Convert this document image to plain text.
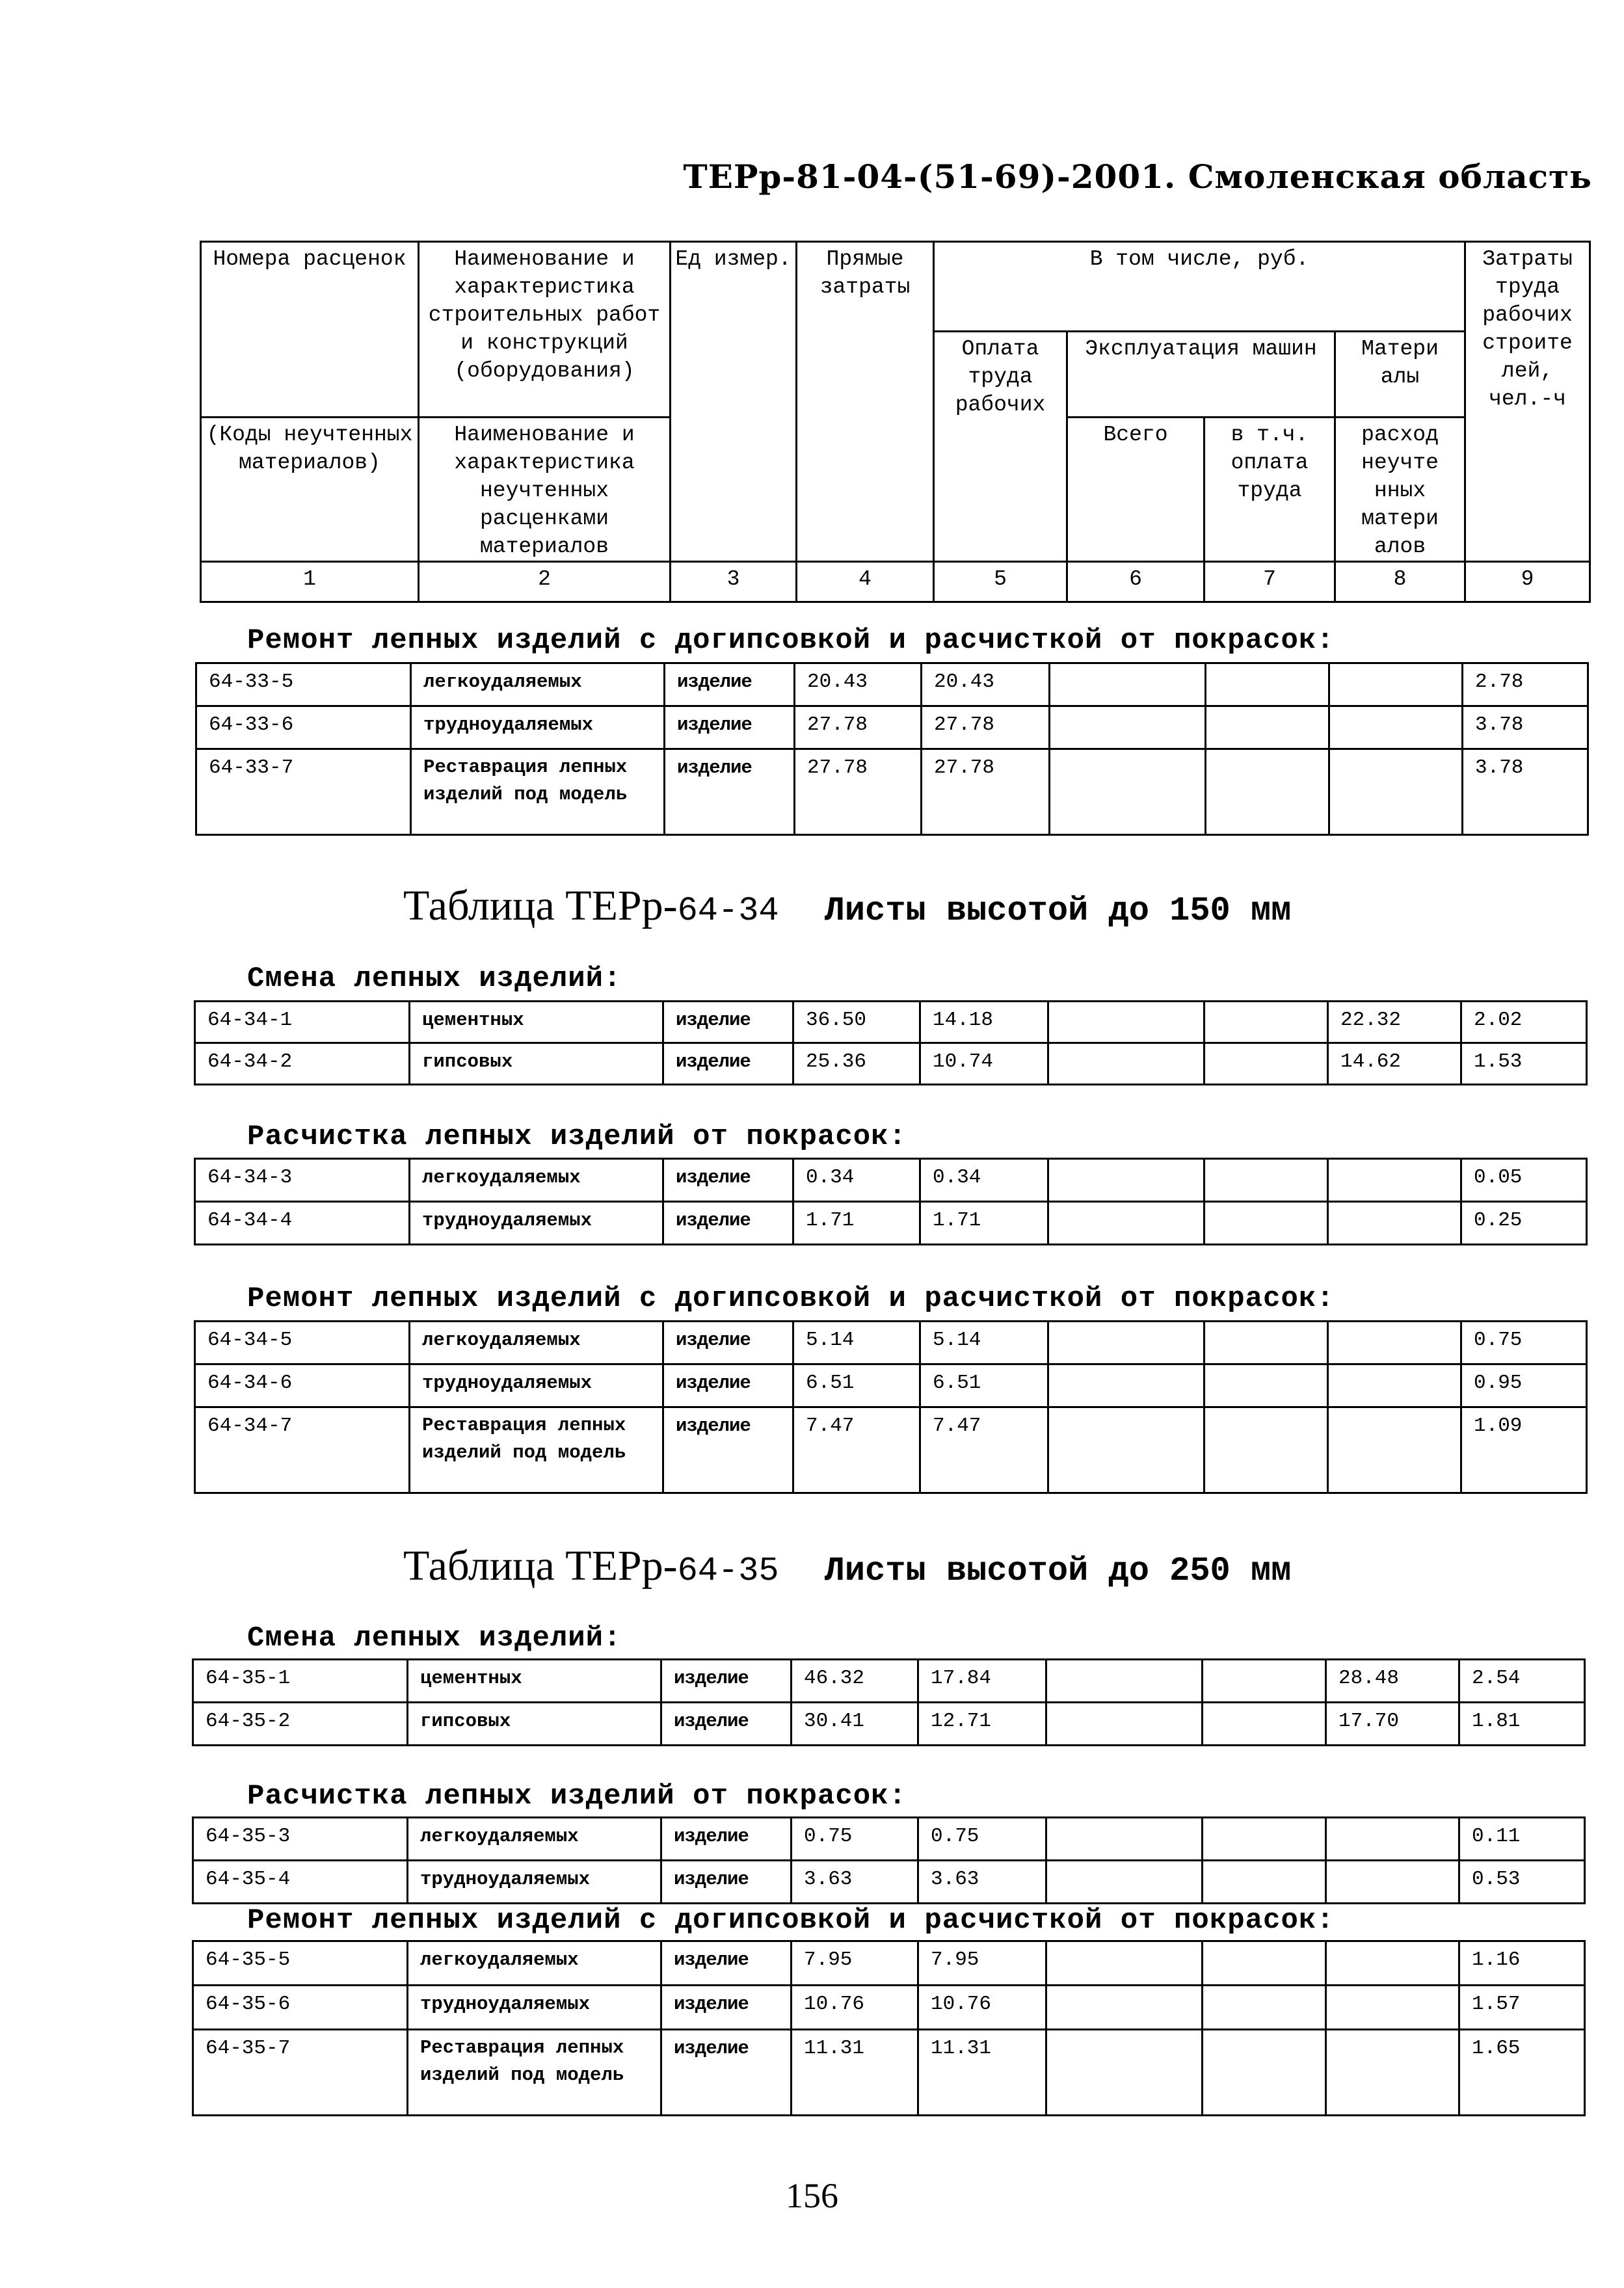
ТЕРр-81-04-(51-69)-2001. Смоленская область
Номера расценок	Наименование и характеристика строительных работ и конструкций (оборудования)	Ед измер.	Прямые затраты	В том числе, руб.				Затраты труда рабочих строите лей, чел.-ч
				Оплата труда рабочих	Эксплуатация машин		Матери алы	
(Коды неучтенных материалов)	Наименование и характеристика неучтенных расценками материалов				Всего	в т.ч. оплата труда	расход неучте нных матери алов	
1	2	3	4	5	6	7	8	9
Ремонт лепных изделий с догипсовкой и расчисткой от покрасок:
64-33-5	легкоудаляемых	изделие	20.43	20.43				2.78
64-33-6	трудноудаляемых	изделие	27.78	27.78				3.78
64-33-7	Реставрация лепных изделий под модель	изделие	27.78	27.78				3.78
Таблица ТЕРр-64-34 Листы высотой до 150 мм
Смена лепных изделий:
64-34-1	цементных	изделие	36.50	14.18			22.32	2.02
64-34-2	гипсовых	изделие	25.36	10.74			14.62	1.53
Расчистка лепных изделий от покрасок:
64-34-3	легкоудаляемых	изделие	0.34	0.34				0.05
64-34-4	трудноудаляемых	изделие	1.71	1.71				0.25
Ремонт лепных изделий с догипсовкой и расчисткой от покрасок:
64-34-5	легкоудаляемых	изделие	5.14	5.14				0.75
64-34-6	трудноудаляемых	изделие	6.51	6.51				0.95
64-34-7	Реставрация лепных изделий под модель	изделие	7.47	7.47				1.09
Таблица ТЕРр-64-35 Листы высотой до 250 мм
Смена лепных изделий:
64-35-1	цементных	изделие	46.32	17.84			28.48	2.54
64-35-2	гипсовых	изделие	30.41	12.71			17.70	1.81
Расчистка лепных изделий от покрасок:
64-35-3	легкоудаляемых	изделие	0.75	0.75				0.11
64-35-4	трудноудаляемых	изделие	3.63	3.63				0.53
Ремонт лепных изделий с догипсовкой и расчисткой от покрасок:
64-35-5	легкоудаляемых	изделие	7.95	7.95				1.16
64-35-6	трудноудаляемых	изделие	10.76	10.76				1.57
64-35-7	Реставрация лепных изделий под модель	изделие	11.31	11.31				1.65
156
